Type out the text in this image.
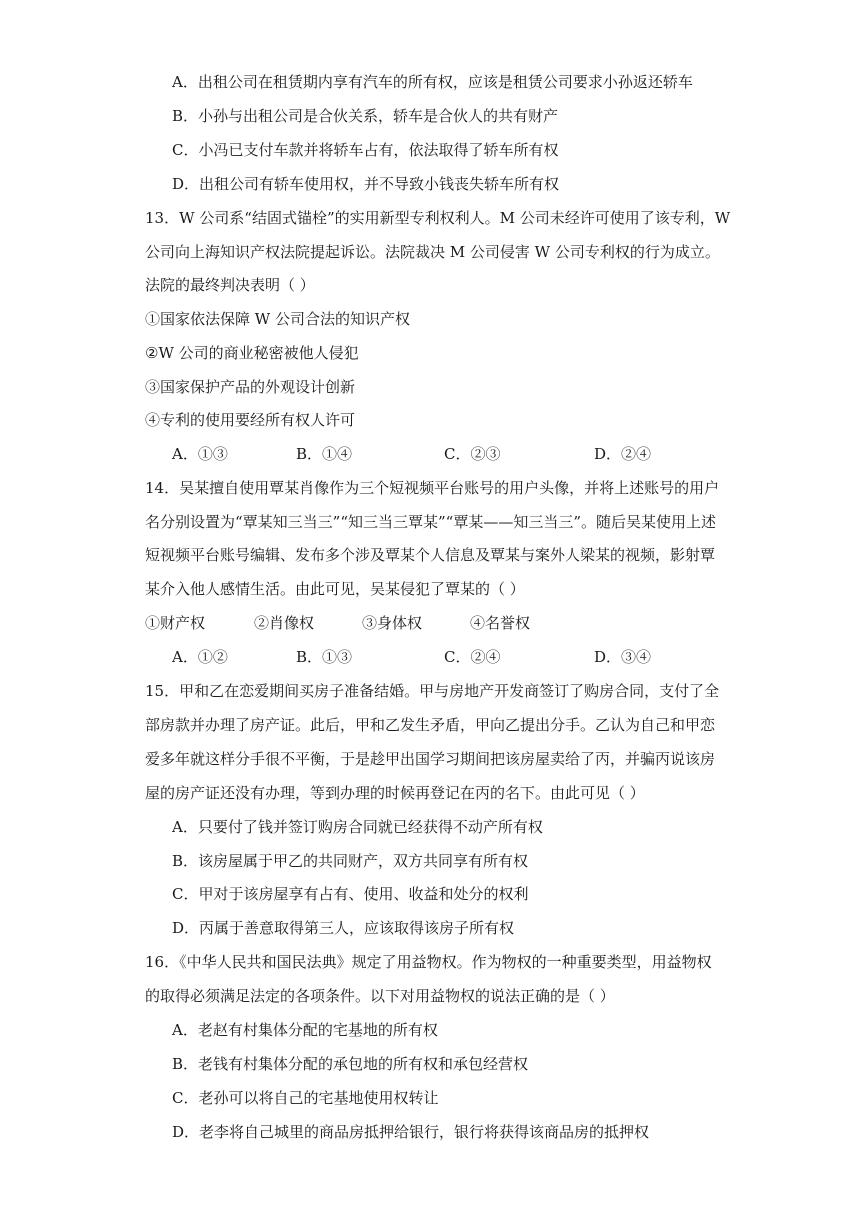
A．出租公司在租赁期内享有汽车的所有权，应该是租赁公司要求小孙返还轿车
B．小孙与出租公司是合伙关系，轿车是合伙人的共有财产
C．小冯已支付车款并将轿车占有，依法取得了轿车所有权
D．出租公司有轿车使用权，并不导致小钱丧失轿车所有权
13．W 公司系“结固式锚栓”的实用新型专利权利人。M 公司未经许可使用了该专利，W
公司向上海知识产权法院提起诉讼。法院裁决 M 公司侵害 W 公司专利权的行为成立。
法院的最终判决表明（ ）
①国家依法保障 W 公司合法的知识产权
②W 公司的商业秘密被他人侵犯
③国家保护产品的外观设计创新
④专利的使用要经所有权人许可
A．①③	B．①④	C．②③	D．②④
14．吴某擅自使用覃某肖像作为三个短视频平台账号的用户头像，并将上述账号的用户
名分别设置为“覃某知三当三”“知三当三覃某”“覃某——知三当三”。随后吴某使用上述
短视频平台账号编辑、发布多个涉及覃某个人信息及覃某与案外人梁某的视频，影射覃
某介入他人感情生活。由此可见，吴某侵犯了覃某的（ ）
①财产权	②肖像权	③身体权	④名誉权
A．①②	B．①③	C．②④	D．③④
15．甲和乙在恋爱期间买房子准备结婚。甲与房地产开发商签订了购房合同，支付了全
部房款并办理了房产证。此后，甲和乙发生矛盾，甲向乙提出分手。乙认为自己和甲恋
爱多年就这样分手很不平衡，于是趁甲出国学习期间把该房屋卖给了丙，并骗丙说该房
屋的房产证还没有办理，等到办理的时候再登记在丙的名下。由此可见（ ）
A．只要付了钱并签订购房合同就已经获得不动产所有权
B．该房屋属于甲乙的共同财产，双方共同享有所有权
C．甲对于该房屋享有占有、使用、收益和处分的权利
D．丙属于善意取得第三人，应该取得该房子所有权
16．《中华人民共和国民法典》规定了用益物权。作为物权的一种重要类型，用益物权
的取得必须满足法定的各项条件。以下对用益物权的说法正确的是（ ）
A．老赵有村集体分配的宅基地的所有权
B．老钱有村集体分配的承包地的所有权和承包经营权
C．老孙可以将自己的宅基地使用权转让
D．老李将自己城里的商品房抵押给银行，银行将获得该商品房的抵押权
